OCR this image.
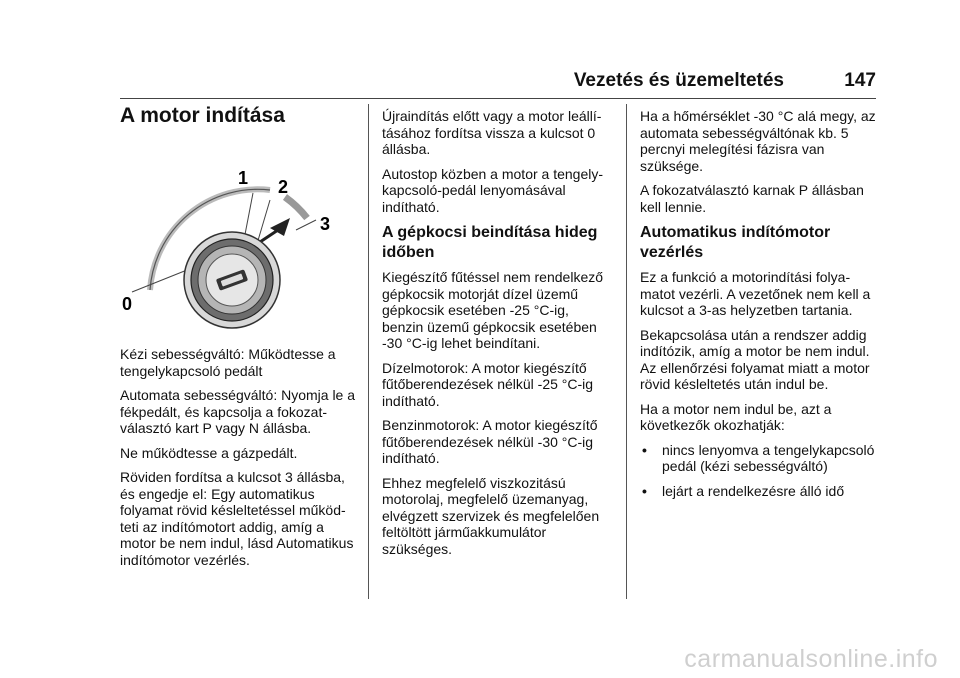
Vezetés és üzemeltetés	147
A motor indítása
0
1 2
3

Kézi sebességváltó: Működtesse a tengelykapcsoló pedált

Automata sebességváltó: Nyomja le a fékpedált, és kapcsolja a fokozatválasztó kart P vagy N állásba.

Ne működtesse a gázpedált.

Röviden fordítsa a kulcsot 3 állásba, és engedje el: Egy automatikus folyamat rövid késleltetéssel működteti az indítómotort addig, amíg a motor be nem indul, lásd Automatikus indítómotor vezérlés.

Újraindítás előtt vagy a motor leállításához fordítsa vissza a kulcsot 0 állásba.

Autostop közben a motor a tengelykapcsoló-pedál lenyomásával indítható.

A gépkocsi beindítása hideg időben

Kiegészítő fűtéssel nem rendelkező gépkocsik motorját dízel üzemű gépkocsik esetében -25 °C-ig, benzin üzemű gépkocsik esetében -30 °C-ig lehet beindítani.

Dízelmotorok: A motor kiegészítő fűtőberendezések nélkül -25 °C-ig indítható.

Benzinmotorok: A motor kiegészítő fűtőberendezések nélkül -30 °C-ig indítható.

Ehhez megfelelő viszkozitású motorolaj, megfelelő üzemanyag, elvégzett szervizek és megfelelően feltöltött járműakkumulátor szükséges.

Ha a hőmérséklet -30 °C alá megy, az automata sebességváltónak kb. 5 percnyi melegítési fázisra van szüksége.

A fokozatválasztó karnak P állásban kell lennie.

Automatikus indítómotor vezérlés

Ez a funkció a motorindítási folyamatot vezérli. A vezetőnek nem kell a kulcsot a 3-as helyzetben tartania.

Bekapcsolása után a rendszer addig indítózik, amíg a motor be nem indul. Az ellenőrzési folyamat miatt a motor rövid késleltetés után indul be.

Ha a motor nem indul be, azt a következők okozhatják:

• nincs lenyomva a tengelykapcsoló pedál (kézi sebességváltó)
• lejárt a rendelkezésre álló idő
carmanualsonline.info
